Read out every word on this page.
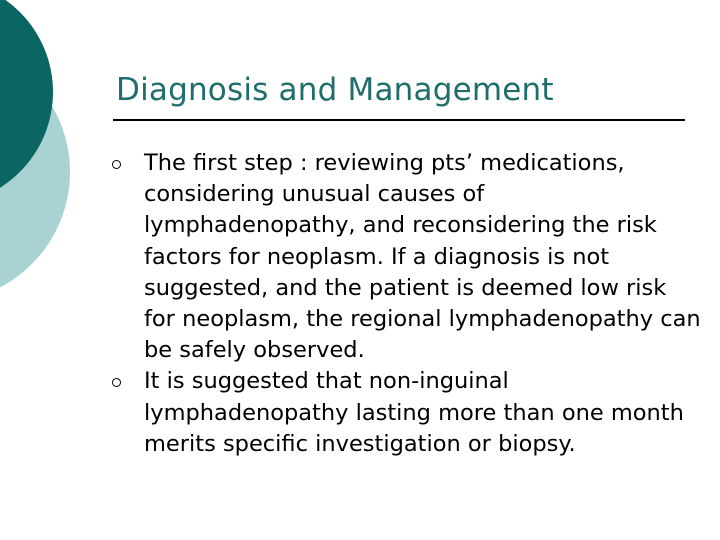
Diagnosis and Management
The first step : reviewing pts’ medications, considering unusual causes of lymphadenopathy, and reconsidering the risk factors for neoplasm. If a diagnosis is not suggested, and the patient is deemed low risk for neoplasm, the regional lymphadenopathy can be safely observed.
It is suggested that non-inguinal lymphadenopathy lasting more than one month merits specific investigation or biopsy.
